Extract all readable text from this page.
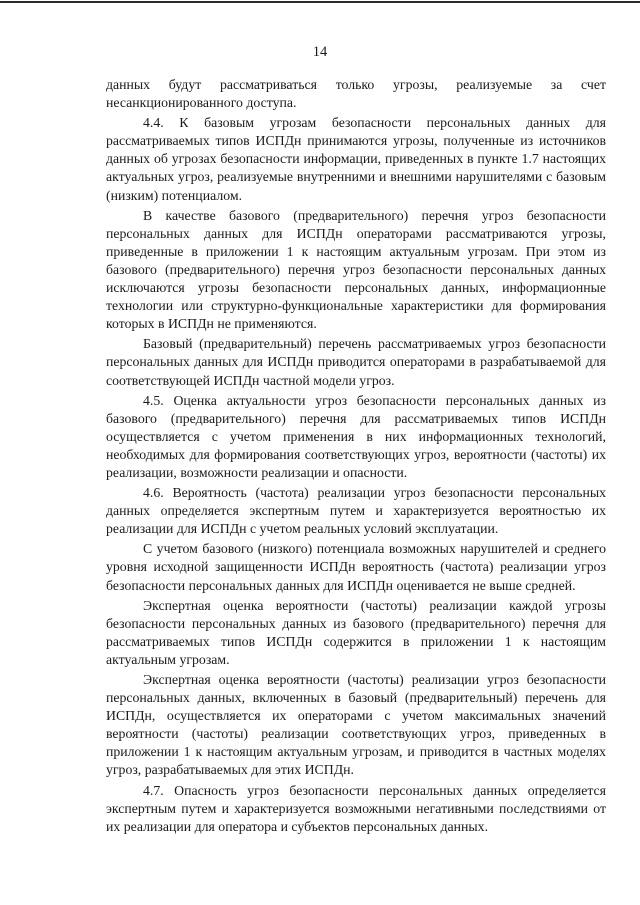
14

данных будут рассматриваться только угрозы, реализуемые за счет несанкционированного доступа.

4.4. К базовым угрозам безопасности персональных данных для рассматриваемых типов ИСПДн принимаются угрозы, полученные из источников данных об угрозах безопасности информации, приведенных в пункте 1.7 настоящих актуальных угроз, реализуемые внутренними и внешними нарушителями с базовым (низким) потенциалом.

В качестве базового (предварительного) перечня угроз безопасности персональных данных для ИСПДн операторами рассматриваются угрозы, приведенные в приложении 1 к настоящим актуальным угрозам. При этом из базового (предварительного) перечня угроз безопасности персональных данных исключаются угрозы безопасности персональных данных, информационные технологии или структурно-функциональные характеристики для формирования которых в ИСПДн не применяются.

Базовый (предварительный) перечень рассматриваемых угроз безопасности персональных данных для ИСПДн приводится операторами в разрабатываемой для соответствующей ИСПДн частной модели угроз.

4.5. Оценка актуальности угроз безопасности персональных данных из базового (предварительного) перечня для рассматриваемых типов ИСПДн осуществляется с учетом применения в них информационных технологий, необходимых для формирования соответствующих угроз, вероятности (частоты) их реализации, возможности реализации и опасности.

4.6. Вероятность (частота) реализации угроз безопасности персональных данных определяется экспертным путем и характеризуется вероятностью их реализации для ИСПДн с учетом реальных условий эксплуатации.

С учетом базового (низкого) потенциала возможных нарушителей и среднего уровня исходной защищенности ИСПДн вероятность (частота) реализации угроз безопасности персональных данных для ИСПДн оценивается не выше средней.

Экспертная оценка вероятности (частоты) реализации каждой угрозы безопасности персональных данных из базового (предварительного) перечня для рассматриваемых типов ИСПДн содержится в приложении 1 к настоящим актуальным угрозам.

Экспертная оценка вероятности (частоты) реализации угроз безопасности персональных данных, включенных в базовый (предварительный) перечень для ИСПДн, осуществляется их операторами с учетом максимальных значений вероятности (частоты) реализации соответствующих угроз, приведенных в приложении 1 к настоящим актуальным угрозам, и приводится в частных моделях угроз, разрабатываемых для этих ИСПДн.

4.7. Опасность угроз безопасности персональных данных определяется экспертным путем и характеризуется возможными негативными последствиями от их реализации для оператора и субъектов персональных данных.
